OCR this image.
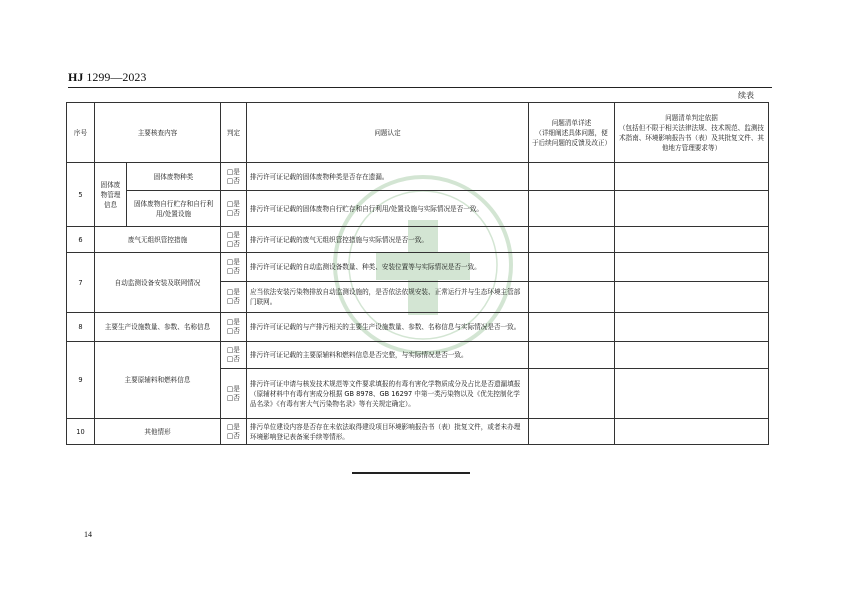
HJ 1299—2023
续表
序号	主要核查内容		判定	问题认定	问题清单详述
（详细阐述具体问题，便于后续问题的反馈及改正）	问题清单判定依据
（包括但不限于相关法律法规、技术规范、监测技术指南、环境影响报告书（表）及其批复文件、其他地方管理要求等）
5	固体废物管理信息	固体废物种类	□是
□否	排污许可证记载的固体废物种类是否存在遗漏。		
		固体废物自行贮存和自行利用/处置设施	□是
□否	排污许可证记载的固体废物自行贮存和自行利用/处置设施与实际情况是否一致。		
6	废气无组织管控措施		□是
□否	排污许可证记载的废气无组织管控措施与实际情况是否一致。		
7	自动监测设备安装及联网情况		□是
□否	排污许可证记载的自动监测设备数量、种类、安装位置等与实际情况是否一致。		

			□是
□否	应当依法安装污染物排放自动监测设施的，是否依法依规安装、正常运行并与生态环境主管部门联网。		
8	主要生产设施数量、参数、名称信息		□是
□否	排污许可证记载的与产排污相关的主要生产设施数量、参数、名称信息与实际情况是否一致。		
9	主要原辅料和燃料信息		□是
□否	排污许可证记载的主要原辅料和燃料信息是否完整，与实际情况是否一致。		

			□是
□否	排污许可证申请与核发技术规范等文件要求填报的有毒有害化学物质成分及占比是否遗漏填报（原辅材料中有毒有害成分根据 GB 8978、GB 16297 中第一类污染物以及《优先控制化学品名录》《有毒有害大气污染物名录》等有关规定确定）。		
10	其他情形		□是
□否	排污单位建设内容是否存在未依法取得建设项目环境影响报告书（表）批复文件，或者未办理环境影响登记表备案手续等情形。		
14
